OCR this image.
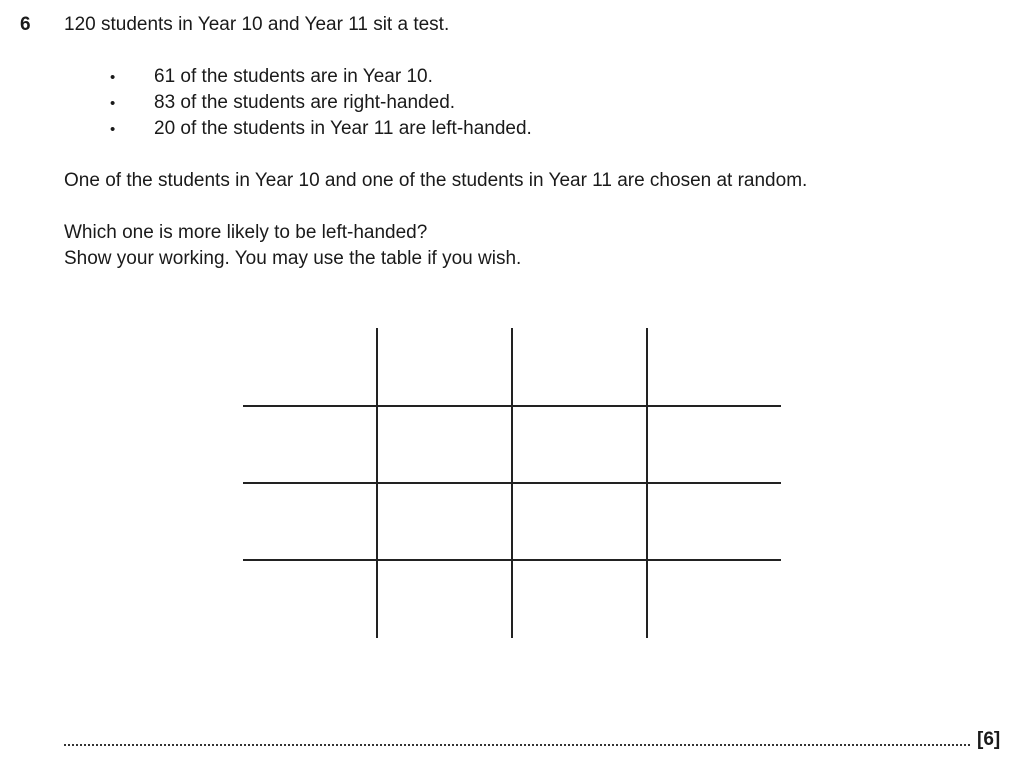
6 120 students in Year 10 and Year 11 sit a test.
• 61 of the students are in Year 10.
• 83 of the students are right-handed.
• 20 of the students in Year 11 are left-handed.
One of the students in Year 10 and one of the students in Year 11 are chosen at random.
Which one is more likely to be left-handed?
Show your working. You may use the table if you wish.
[6]
